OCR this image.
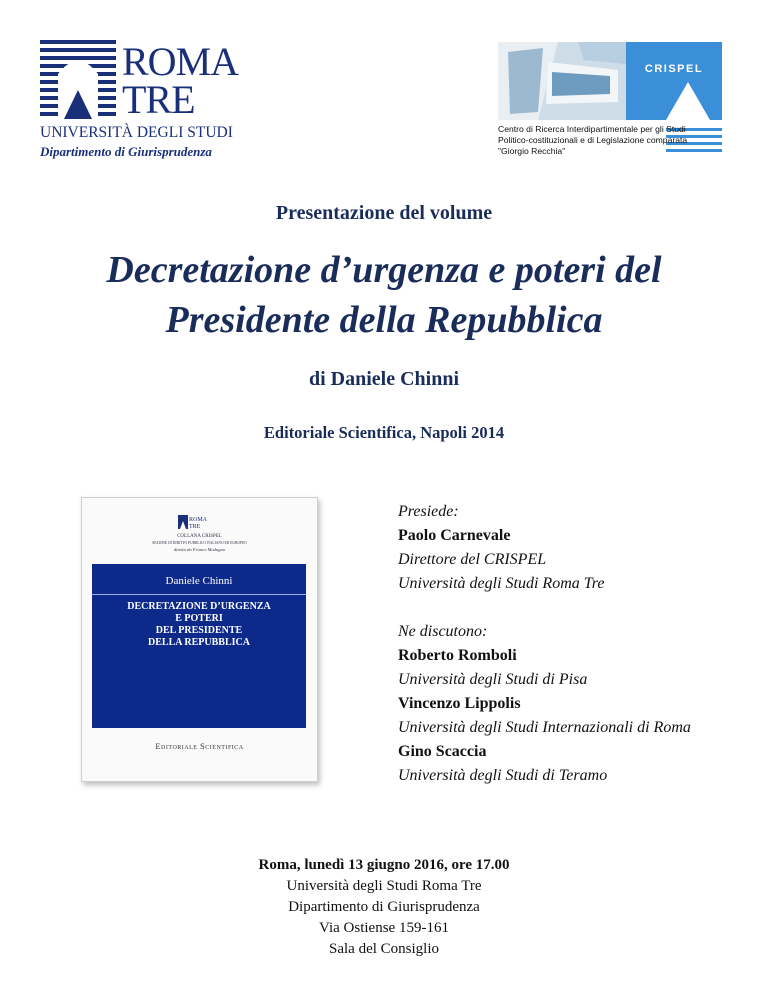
ROMA
TRE
UNIVERSITÀ DEGLI STUDI
Dipartimento di Giurisprudenza
CRISPEL
Centro di Ricerca Interdipartimentale per gli Studi
Politico-costituzionali e di Legislazione comparata
"Giorgio Recchia"
Presentazione del volume
Decretazione d’urgenza e poteri del
Presidente della Repubblica
di Daniele Chinni
Editoriale Scientifica, Napoli 2014
ROMA
TRE
COLLANA CRISPEL
SEZIONE DI DIRITTO PUBBLICO ITALIANO ED EUROPEO
diretta da Franco Modugno
Daniele Chinni
DECRETAZIONE D’URGENZA
E POTERI
DEL PRESIDENTE
DELLA REPUBBLICA
Editoriale Scientifica
Presiede:
Paolo Carnevale
Direttore del CRISPEL
Università degli Studi Roma Tre
Ne discutono:
Roberto Romboli
Università degli Studi di Pisa
Vincenzo Lippolis
Università degli Studi Internazionali di Roma
Gino Scaccia
Università degli Studi di Teramo
Roma, lunedì 13 giugno 2016, ore 17.00
Università degli Studi Roma Tre
Dipartimento di Giurisprudenza
Via Ostiense 159-161
Sala del Consiglio
